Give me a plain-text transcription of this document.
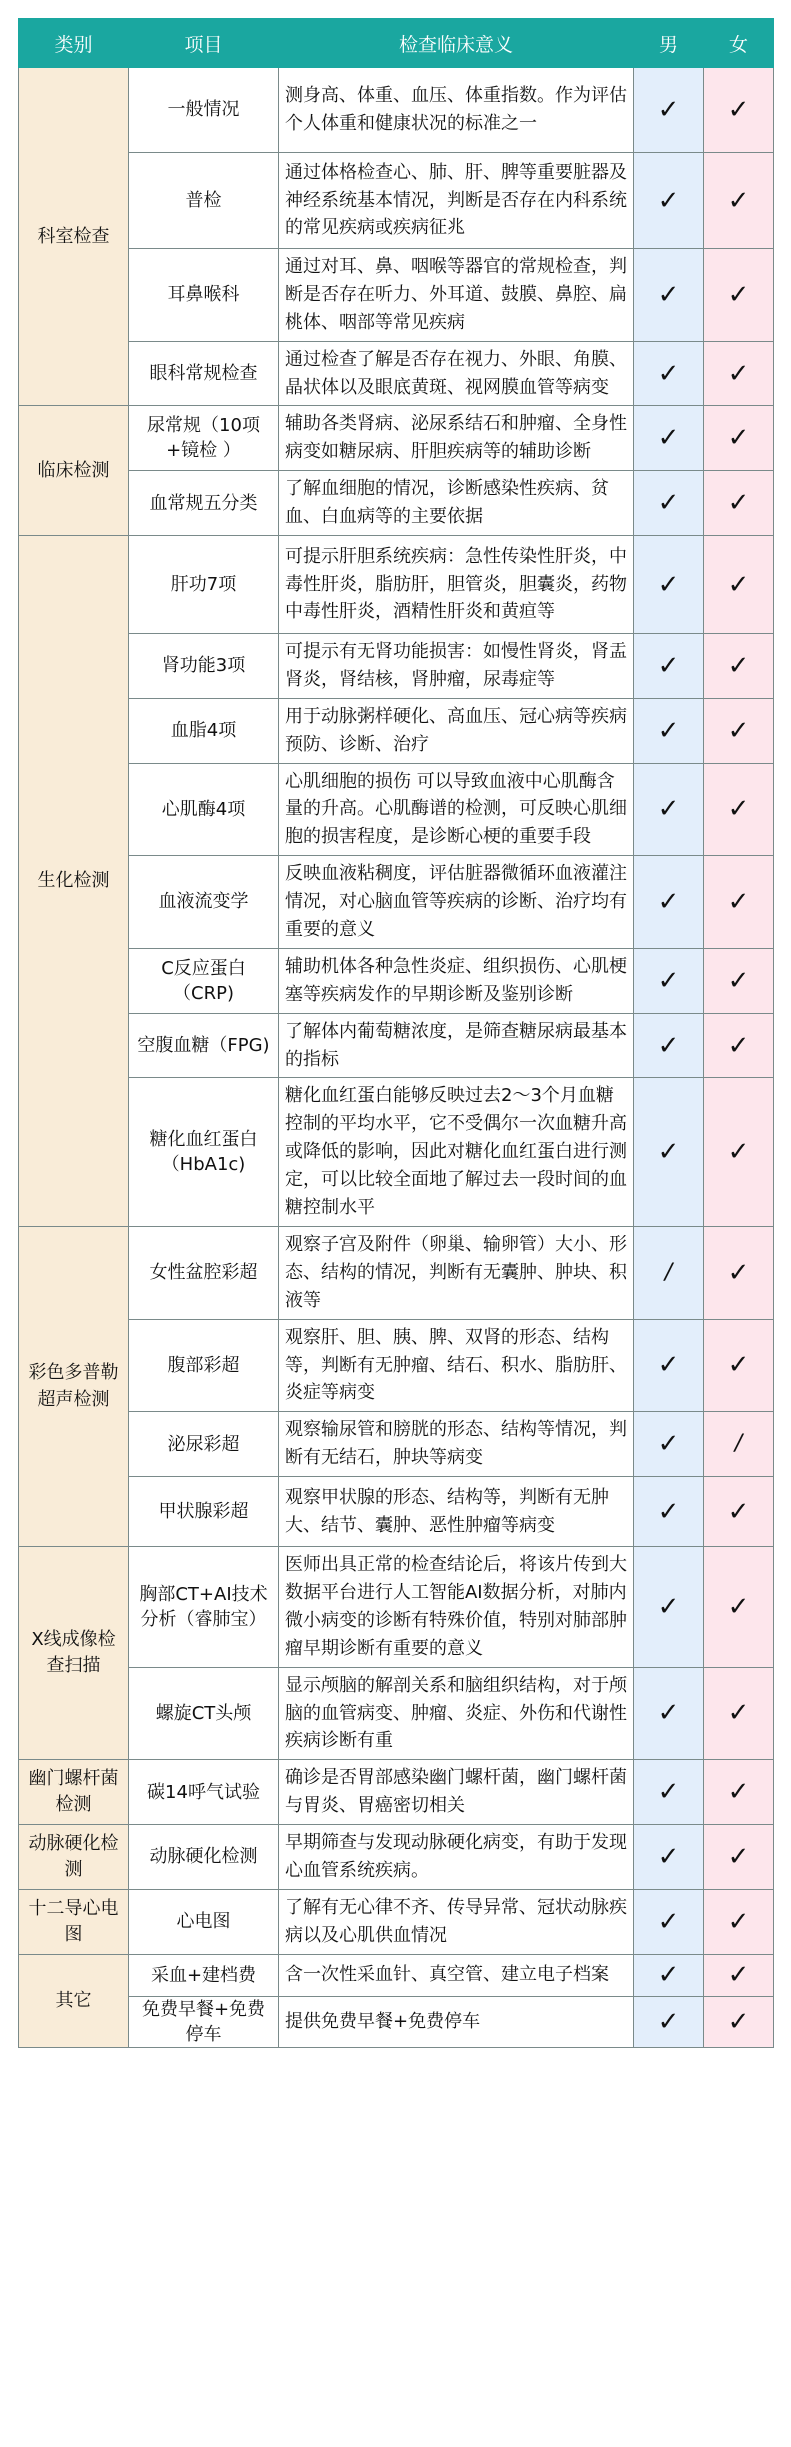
类别	项目	检查临床意义	男	女
科室检查	一般情况	测身高、体重、血压、体重指数。作为评估个人体重和健康状况的标准之一	✓	✓
	普检	通过体格检查心、肺、肝、脾等重要脏器及神经系统基本情况，判断是否存在内科系统的常见疾病或疾病征兆	✓	✓
	耳鼻喉科	通过对耳、鼻、咽喉等器官的常规检查，判断是否存在听力、外耳道、鼓膜、鼻腔、扁桃体、咽部等常见疾病	✓	✓
	眼科常规检查	通过检查了解是否存在视力、外眼、角膜、晶状体以及眼底黄斑、视网膜血管等病变	✓	✓
临床检测	尿常规（10项+镜检 ）	辅助各类肾病、泌尿系结石和肿瘤、全身性病变如糖尿病、肝胆疾病等的辅助诊断	✓	✓
	血常规五分类	了解血细胞的情况，诊断感染性疾病、贫血、白血病等的主要依据	✓	✓
生化检测	肝功7项	可提示肝胆系统疾病：急性传染性肝炎，中毒性肝炎，脂肪肝，胆管炎，胆囊炎，药物中毒性肝炎，酒精性肝炎和黄疸等	✓	✓
	肾功能3项	可提示有无肾功能损害：如慢性肾炎，肾盂肾炎，肾结核，肾肿瘤，尿毒症等	✓	✓
	血脂4项	用于动脉粥样硬化、高血压、冠心病等疾病预防、诊断、治疗	✓	✓
	心肌酶4项	心肌细胞的损伤 可以导致血液中心肌酶含量的升高。心肌酶谱的检测，可反映心肌细胞的损害程度，是诊断心梗的重要手段	✓	✓
	血液流变学	反映血液粘稠度，评估脏器微循环血液灌注情况，对心脑血管等疾病的诊断、治疗均有重要的意义	✓	✓
	C反应蛋白（CRP)	辅助机体各种急性炎症、组织损伤、心肌梗塞等疾病发作的早期诊断及鉴别诊断	✓	✓
	空腹血糖（FPG)	了解体内葡萄糖浓度，是筛查糖尿病最基本的指标	✓	✓
	糖化血红蛋白（HbA1c)	糖化血红蛋白能够反映过去2～3个月血糖控制的平均水平，它不受偶尔一次血糖升高或降低的影响，因此对糖化血红蛋白进行测定，可以比较全面地了解过去一段时间的血糖控制水平	✓	✓
彩色多普勒超声检测	女性盆腔彩超	观察子宫及附件（卵巢、输卵管）大小、形态、结构的情况，判断有无囊肿、肿块、积液等	/	✓
	腹部彩超	观察肝、胆、胰、脾、双肾的形态、结构等，判断有无肿瘤、结石、积水、脂肪肝、炎症等病变	✓	✓
	泌尿彩超	观察输尿管和膀胱的形态、结构等情况，判断有无结石，肿块等病变	✓	/
	甲状腺彩超	观察甲状腺的形态、结构等，判断有无肿大、结节、囊肿、恶性肿瘤等病变	✓	✓
X线成像检查扫描	胸部CT+AI技术分析（睿肺宝）	医师出具正常的检查结论后，将该片传到大数据平台进行人工智能AI数据分析，对肺内微小病变的诊断有特殊价值，特别对肺部肿瘤早期诊断有重要的意义	✓	✓
	螺旋CT头颅	显示颅脑的解剖关系和脑组织结构，对于颅脑的血管病变、肿瘤、炎症、外伤和代谢性疾病诊断有重	✓	✓
幽门螺杆菌检测	碳14呼气试验	确诊是否胃部感染幽门螺杆菌，幽门螺杆菌与胃炎、胃癌密切相关	✓	✓
动脉硬化检测	动脉硬化检测	早期筛查与发现动脉硬化病变，有助于发现心血管系统疾病。	✓	✓
十二导心电图	心电图	了解有无心律不齐、传导异常、冠状动脉疾病以及心肌供血情况	✓	✓
其它	采血+建档费	含一次性采血针、真空管、建立电子档案	✓	✓
	免费早餐+免费停车	提供免费早餐+免费停车	✓	✓
